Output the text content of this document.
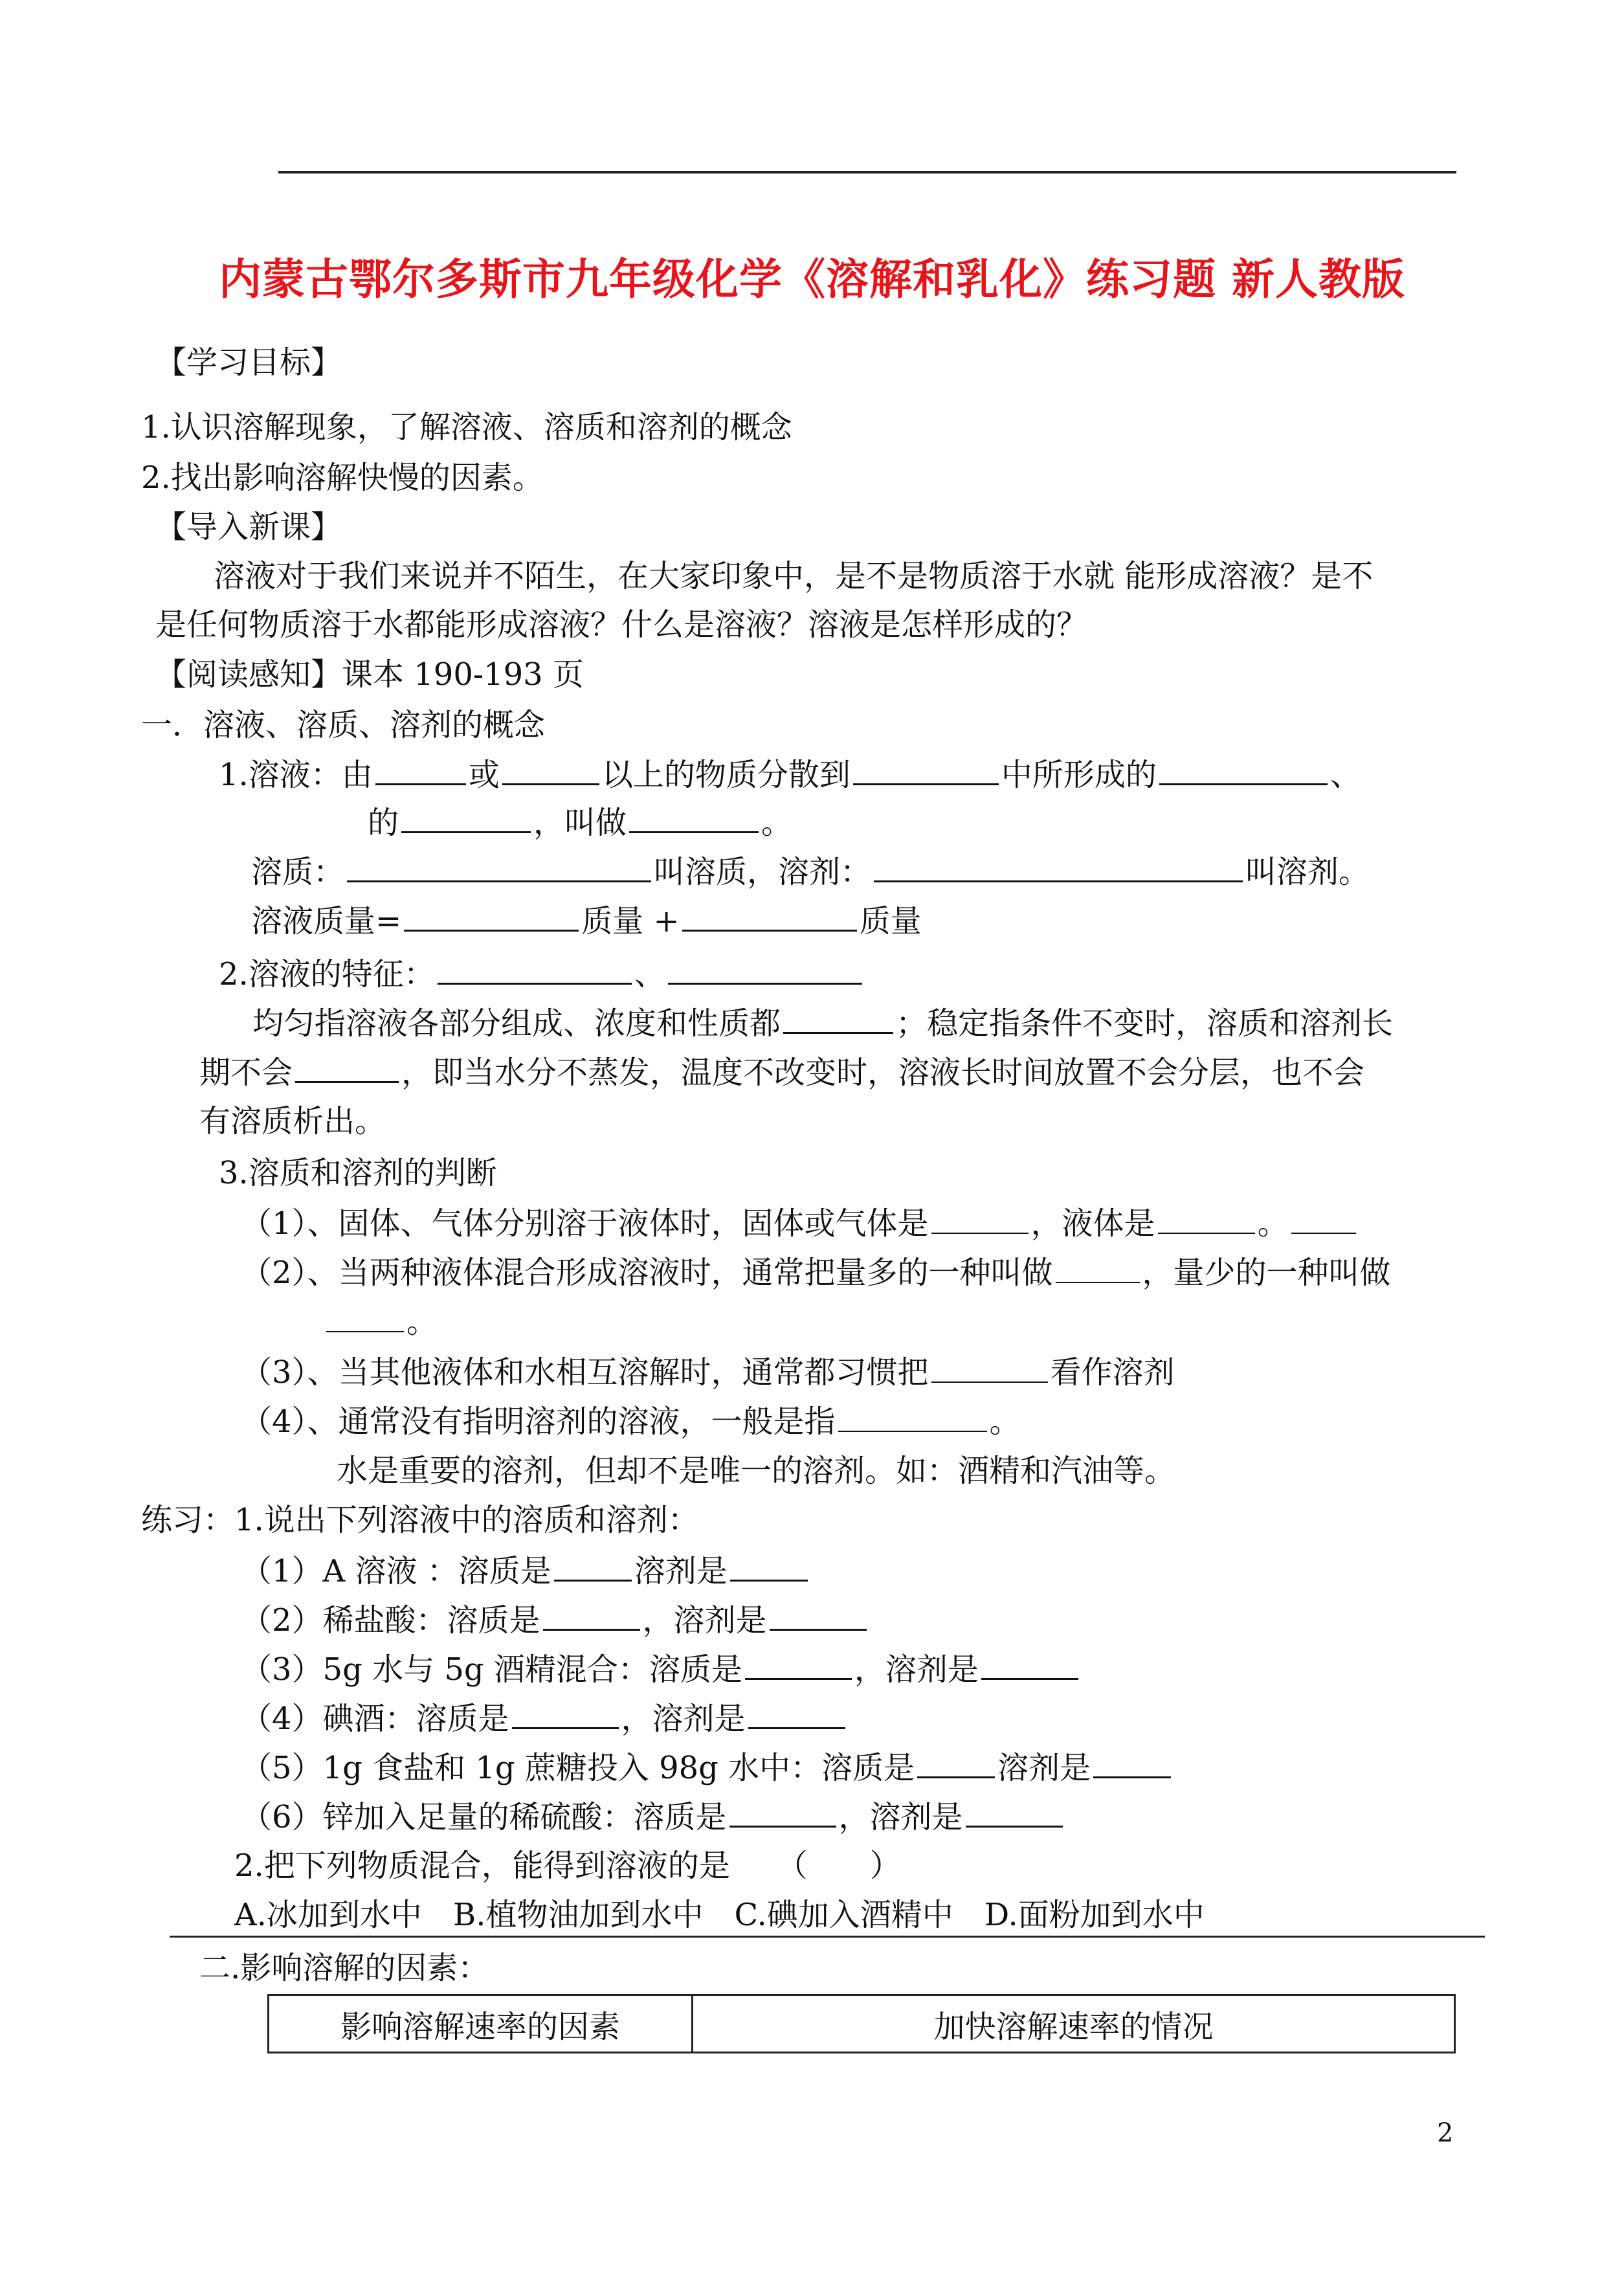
内蒙古鄂尔多斯市九年级化学《溶解和乳化》练习题 新人教版
【学习目标】
1.认识溶解现象，了解溶液、溶质和溶剂的概念
2.找出影响溶解快慢的因素。
【导入新课】
溶液对于我们来说并不陌生，在大家印象中，是不是物质溶于水就 能形成溶液？是不
是任何物质溶于水都能形成溶液？什么是溶液？溶液是怎样形成的？
【阅读感知】课本 190-193 页
一．溶液、溶质、溶剂的概念
1.溶液：由	或	以上的物质分散到	中所形成的	、
的	，叫做	。
溶质：	叫溶质，溶剂：	叫溶剂。
溶液质量=	质量 +	质量
2.溶液的特征：	、
均匀指溶液各部分组成、浓度和性质都	；稳定指条件不变时，溶质和溶剂长
期不会	，即当水分不蒸发，温度不改变时，溶液长时间放置不会分层，也不会
有溶质析出。
3.溶质和溶剂的判断
（1）、固体、气体分别溶于液体时，固体或气体是	，液体是	。
（2）、当两种液体混合形成溶液时，通常把量多的一种叫做	，量少的一种叫做
。
（3）、当其他液体和水相互溶解时，通常都习惯把	看作溶剂
（4）、通常没有指明溶剂的溶液，一般是指	。
水是重要的溶剂，但却不是唯一的溶剂。如：酒精和汽油等。
练习：1.说出下列溶液中的溶质和溶剂：
（1）A 溶液 ：溶质是	溶剂是
（2）稀盐酸：溶质是	，溶剂是
（3）5g 水与 5g 酒精混合：溶质是	，溶剂是
（4）碘酒：溶质是	，溶剂是
（5）1g 食盐和 1g 蔗糖投入 98g 水中：溶质是	溶剂是
（6）锌加入足量的稀硫酸：溶质是	，溶剂是
2.把下列物质混合，能得到溶液的是　　（　　）
A.冰加到水中　B.植物油加到水中　C.碘加入酒精中　D.面粉加到水中
二.影响溶解的因素：
影响溶解速率的因素	加快溶解速率的情况
2
